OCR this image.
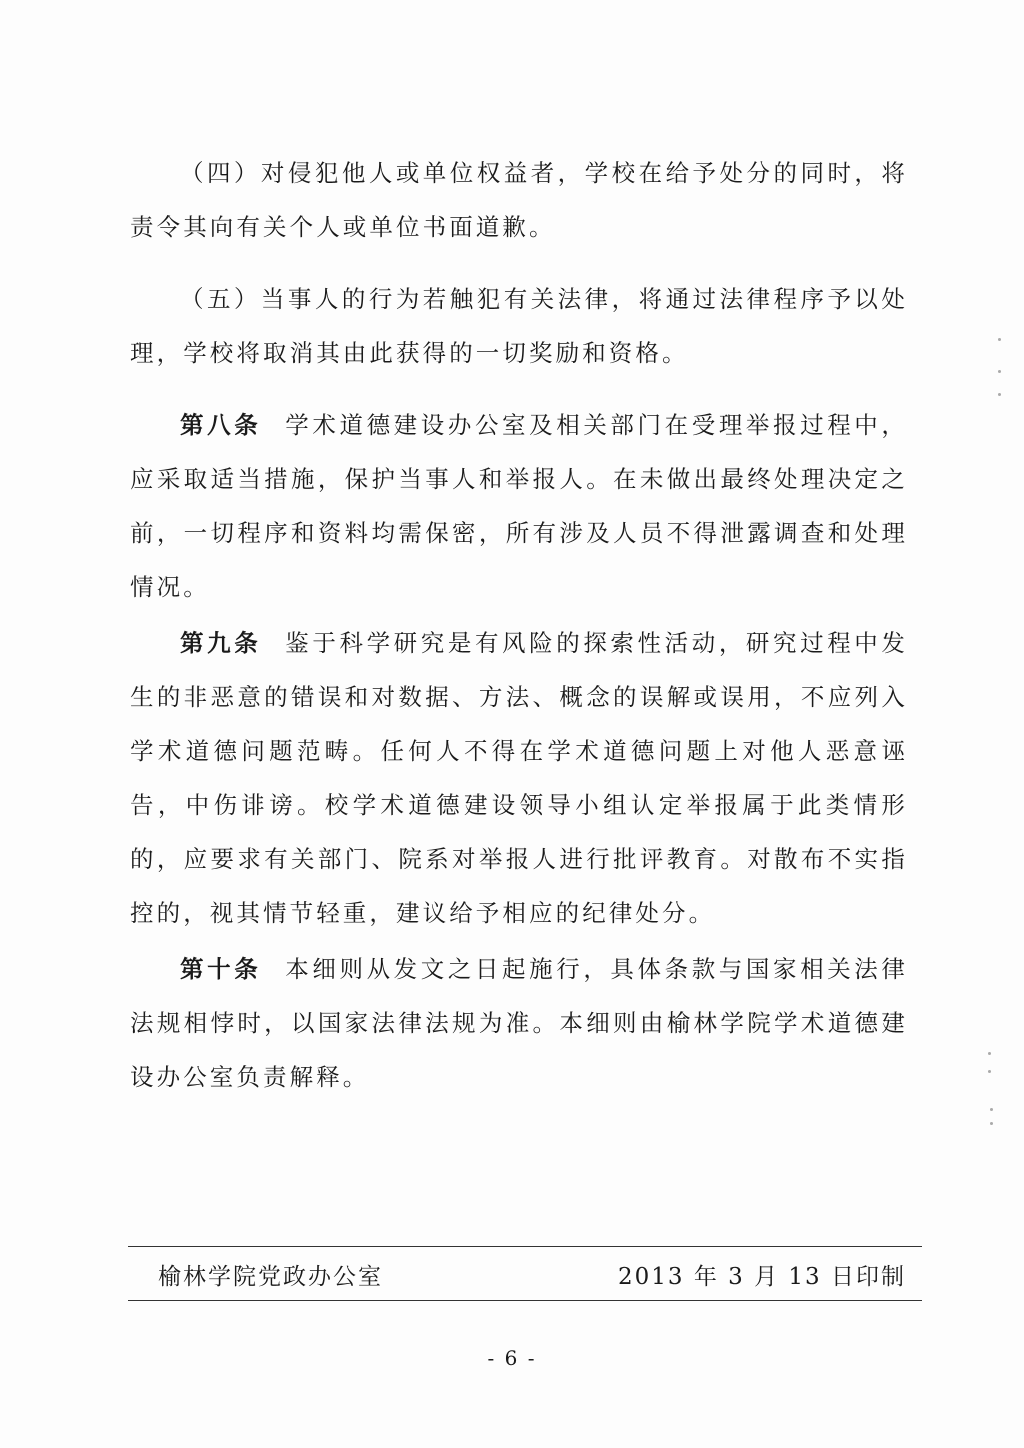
（四）对侵犯他人或单位权益者，学校在给予处分的同时，将责令其向有关个人或单位书面道歉。

（五）当事人的行为若触犯有关法律，将通过法律程序予以处理，学校将取消其由此获得的一切奖励和资格。

第八条 学术道德建设办公室及相关部门在受理举报过程中，应采取适当措施，保护当事人和举报人。在未做出最终处理决定之前，一切程序和资料均需保密，所有涉及人员不得泄露调查和处理情况。

第九条 鉴于科学研究是有风险的探索性活动，研究过程中发生的非恶意的错误和对数据、方法、概念的误解或误用，不应列入学术道德问题范畴。任何人不得在学术道德问题上对他人恶意诬告，中伤诽谤。校学术道德建设领导小组认定举报属于此类情形的，应要求有关部门、院系对举报人进行批评教育。对散布不实指控的，视其情节轻重，建议给予相应的纪律处分。

第十条 本细则从发文之日起施行，具体条款与国家相关法律法规相悖时，以国家法律法规为准。本细则由榆林学院学术道德建设办公室负责解释。

榆林学院党政办公室	2013 年 3 月 13 日印制
- 6 -
